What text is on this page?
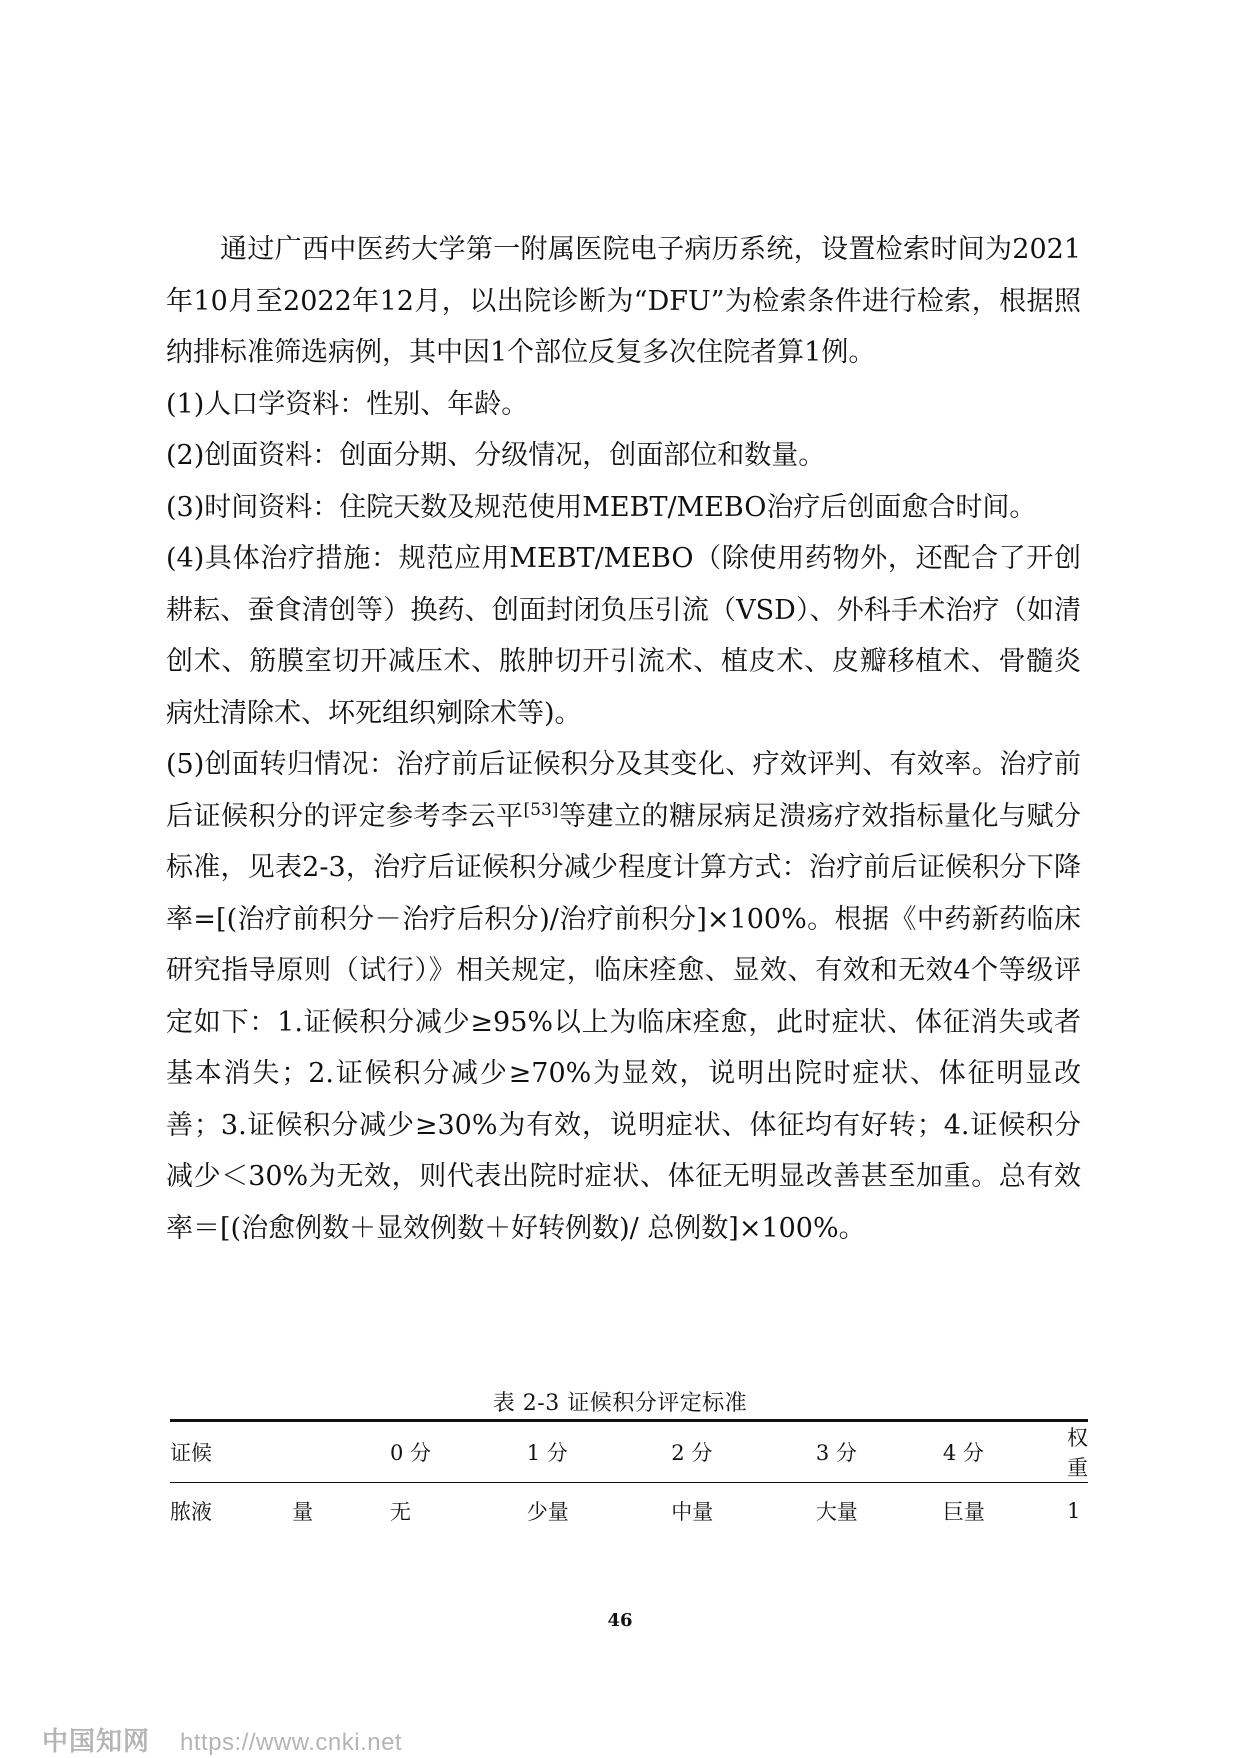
通过广西中医药大学第一附属医院电子病历系统，设置检索时间为2021年10月至2022年12月，以出院诊断为“DFU”为检索条件进行检索，根据照纳排标准筛选病例，其中因1个部位反复多次住院者算1例。

(1)人口学资料：性别、年龄。

(2)创面资料：创面分期、分级情况，创面部位和数量。

(3)时间资料：住院天数及规范使用MEBT/MEBO治疗后创面愈合时间。

(4)具体治疗措施：规范应用MEBT/MEBO（除使用药物外，还配合了开创耕耘、蚕食清创等）换药、创面封闭负压引流（VSD）、外科手术治疗（如清创术、筋膜室切开减压术、脓肿切开引流术、植皮术、皮瓣移植术、骨髓炎病灶清除术、坏死组织剜除术等)。

(5)创面转归情况：治疗前后证候积分及其变化、疗效评判、有效率。治疗前后证候积分的评定参考李云平[53]等建立的糖尿病足溃疡疗效指标量化与赋分标准，见表2-3，治疗后证候积分减少程度计算方式：治疗前后证候积分下降率=[(治疗前积分－治疗后积分)/治疗前积分]×100%。根据《中药新药临床研究指导原则（试行）》相关规定，临床痊愈、显效、有效和无效4个等级评定如下：1.证候积分减少≥95%以上为临床痊愈，此时症状、体征消失或者基本消失；2.证候积分减少≥70%为显效，说明出院时症状、体征明显改善；3.证候积分减少≥30%为有效，说明症状、体征均有好转；4.证候积分减少＜30%为无效，则代表出院时症状、体征无明显改善甚至加重。总有效率＝[(治愈例数＋显效例数＋好转例数)/ 总例数]×100%。

表 2-3 证候积分评定标准
证候		0 分	1 分	2 分	3 分	4 分	权重
脓液	量	无	少量	中量	大量	巨量	1
46
中国知网 https://www.cnki.net
